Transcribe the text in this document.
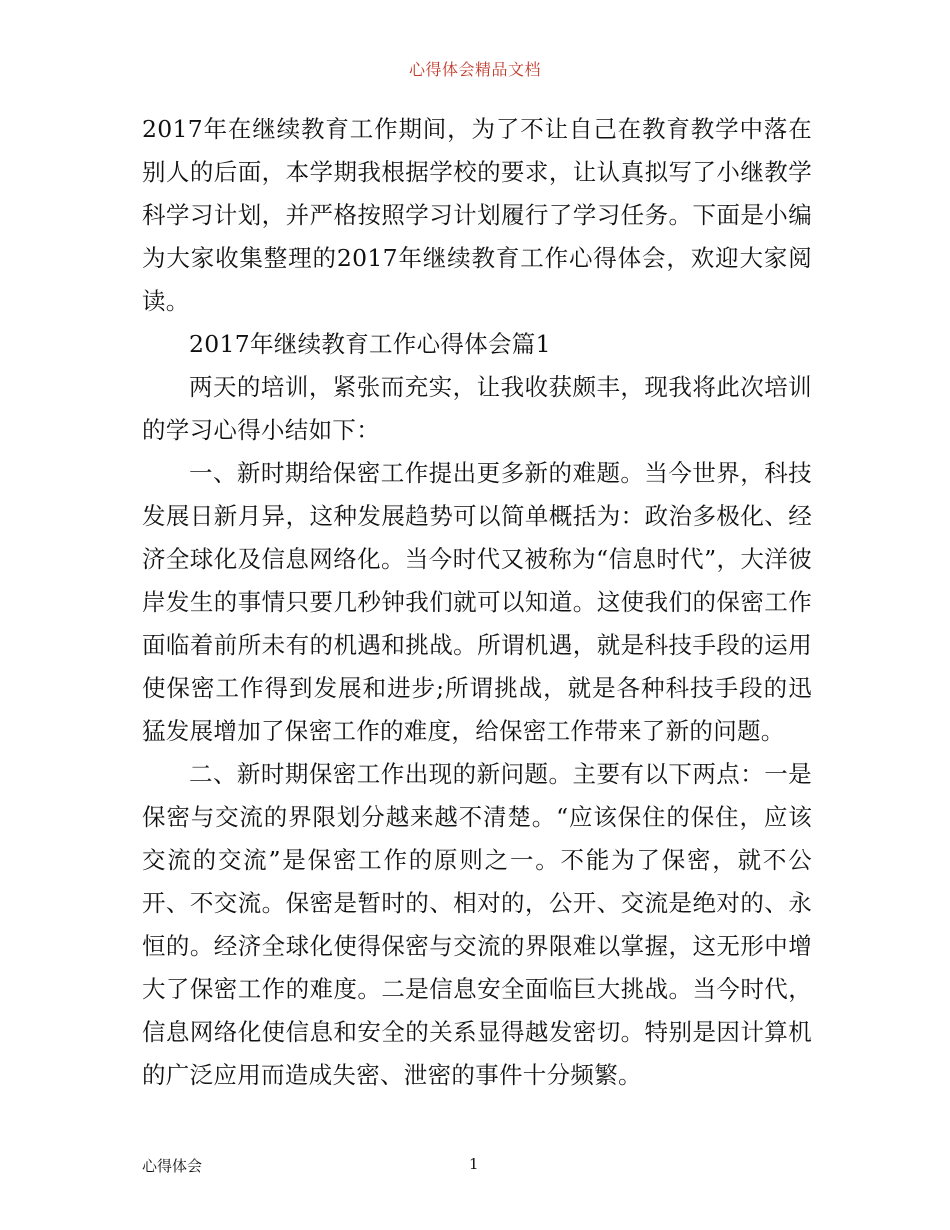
心得体会精品文档

2017年在继续教育工作期间，为了不让自己在教育教学中落在别人的后面，本学期我根据学校的要求，让认真拟写了小继教学科学习计划，并严格按照学习计划履行了学习任务。下面是小编为大家收集整理的2017年继续教育工作心得体会，欢迎大家阅读。

2017年继续教育工作心得体会篇1

两天的培训，紧张而充实，让我收获颇丰，现我将此次培训的学习心得小结如下：

一、新时期给保密工作提出更多新的难题。当今世界，科技发展日新月异，这种发展趋势可以简单概括为：政治多极化、经济全球化及信息网络化。当今时代又被称为“信息时代”，大洋彼岸发生的事情只要几秒钟我们就可以知道。这使我们的保密工作面临着前所未有的机遇和挑战。所谓机遇，就是科技手段的运用使保密工作得到发展和进步;所谓挑战，就是各种科技手段的迅猛发展增加了保密工作的难度，给保密工作带来了新的问题。

二、新时期保密工作出现的新问题。主要有以下两点：一是保密与交流的界限划分越来越不清楚。“应该保住的保住，应该交流的交流”是保密工作的原则之一。不能为了保密，就不公开、不交流。保密是暂时的、相对的，公开、交流是绝对的、永恒的。经济全球化使得保密与交流的界限难以掌握，这无形中增大了保密工作的难度。二是信息安全面临巨大挑战。当今时代，信息网络化使信息和安全的关系显得越发密切。特别是因计算机的广泛应用而造成失密、泄密的事件十分频繁。

心得体会	1
